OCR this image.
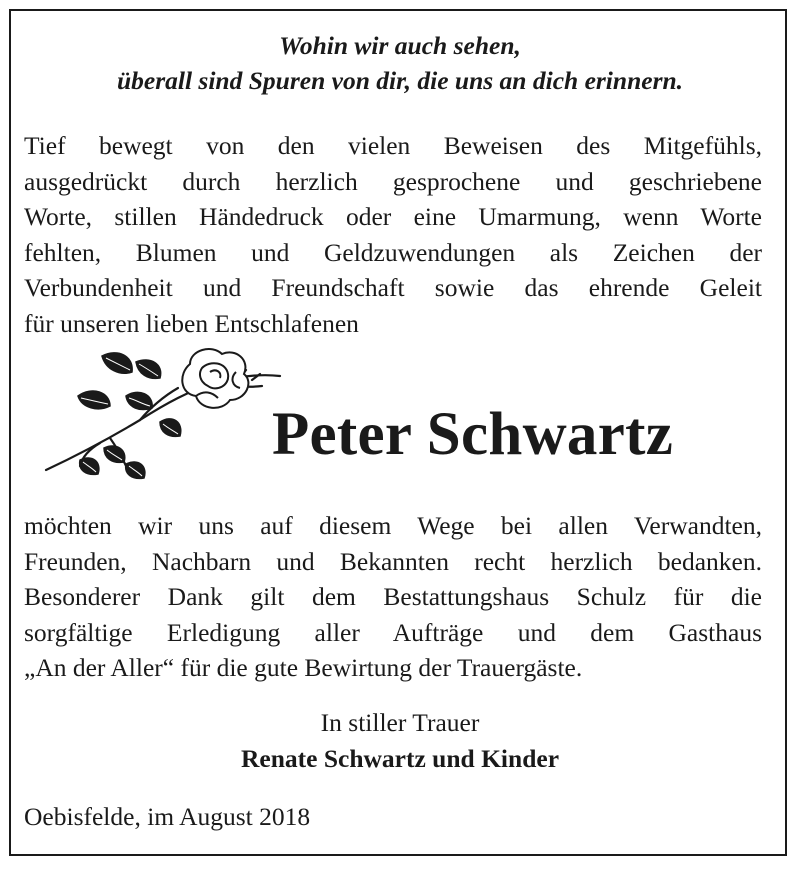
Wohin wir auch sehen,
überall sind Spuren von dir, die uns an dich erinnern.
Tief bewegt von den vielen Beweisen des Mitgefühls,
ausgedrückt durch herzlich gesprochene und geschriebene
Worte, stillen Händedruck oder eine Umarmung, wenn Worte
fehlten, Blumen und Geldzuwendungen als Zeichen der
Verbundenheit und Freundschaft sowie das ehrende Geleit
für unseren lieben Entschlafenen
Peter Schwartz
möchten wir uns auf diesem Wege bei allen Verwandten,
Freunden, Nachbarn und Bekannten recht herzlich bedanken.
Besonderer Dank gilt dem Bestattungshaus Schulz für die
sorgfältige Erledigung aller Aufträge und dem Gasthaus
„An der Aller“ für die gute Bewirtung der Trauergäste.
In stiller Trauer
Renate Schwartz und Kinder
Oebisfelde, im August 2018
